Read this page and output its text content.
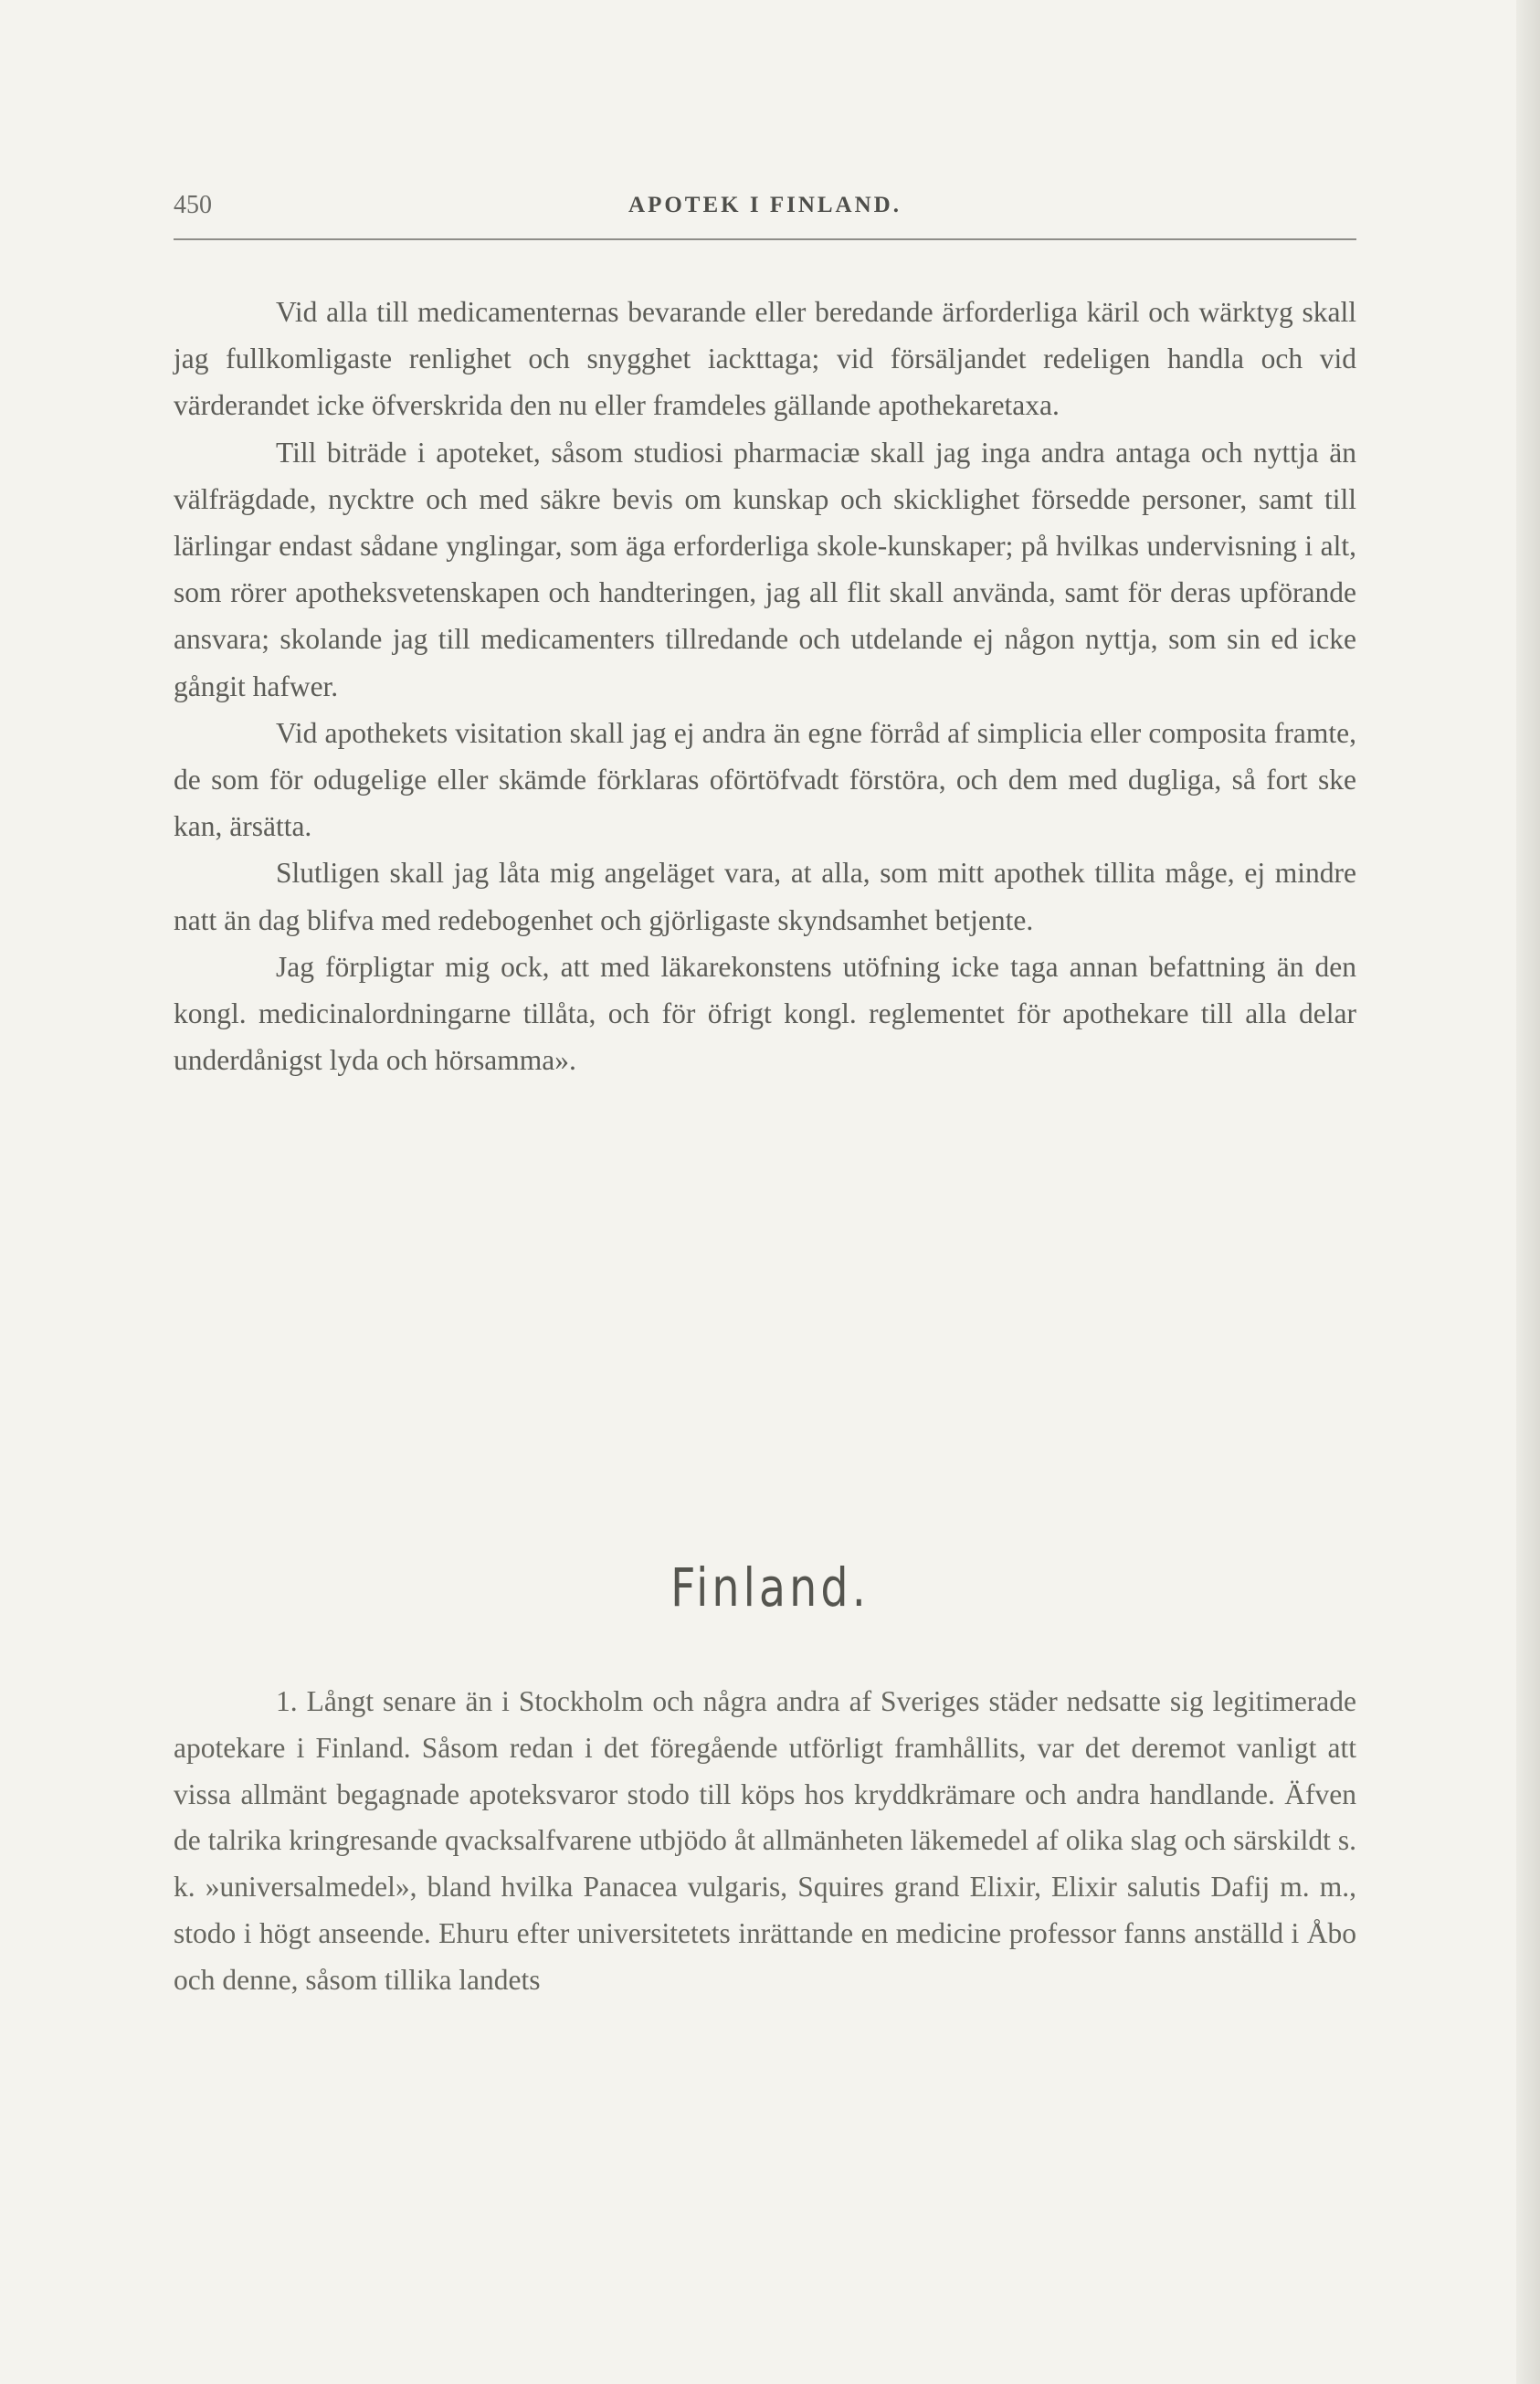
450	APOTEK I FINLAND.

Vid alla till medicamenternas bevarande eller beredande ärforderliga käril och wärktyg skall jag fullkomligaste renlighet och snygghet iackttaga; vid försäljandet redeligen handla och vid värderandet icke öfverskrida den nu eller framdeles gällande apothekaretaxa.

Till biträde i apoteket, såsom studiosi pharmaciæ skall jag inga andra antaga och nyttja än välfrägdade, nycktre och med säkre bevis om kunskap och skicklighet försedde personer, samt till lärlingar endast sådane ynglingar, som äga erforderliga skole-kunskaper; på hvilkas undervisning i alt, som rörer apotheksvetenskapen och handteringen, jag all flit skall använda, samt för deras upförande ansvara; skolande jag till medicamenters tillredande och utdelande ej någon nyttja, som sin ed icke gångit hafwer.

Vid apothekets visitation skall jag ej andra än egne förråd af simplicia eller composita framte, de som för odugelige eller skämde förklaras oförtöfvadt förstöra, och dem med dugliga, så fort ske kan, ärsätta.

Slutligen skall jag låta mig angeläget vara, at alla, som mitt apothek tillita måge, ej mindre natt än dag blifva med redebogenhet och gjörligaste skyndsamhet betjente.

Jag förpligtar mig ock, att med läkarekonstens utöfning icke taga annan befattning än den kongl. medicinalordningarne tillåta, och för öfrigt kongl. reglementet för apothekare till alla delar underdånigst lyda och hörsamma».

Finland.

1. Långt senare än i Stockholm och några andra af Sveriges städer nedsatte sig legitimerade apotekare i Finland. Såsom redan i det föregående utförligt framhållits, var det deremot vanligt att vissa allmänt begagnade apoteksvaror stodo till köps hos kryddkrämare och andra handlande. Äfven de talrika kringresande qvacksalfvarene utbjödo åt allmänheten läkemedel af olika slag och särskildt s. k. »universalmedel», bland hvilka Panacea vulgaris, Squires grand Elixir, Elixir salutis Dafij m. m., stodo i högt anseende. Ehuru efter universitetets inrättande en medicine professor fanns anställd i Åbo och denne, såsom tillika landets
